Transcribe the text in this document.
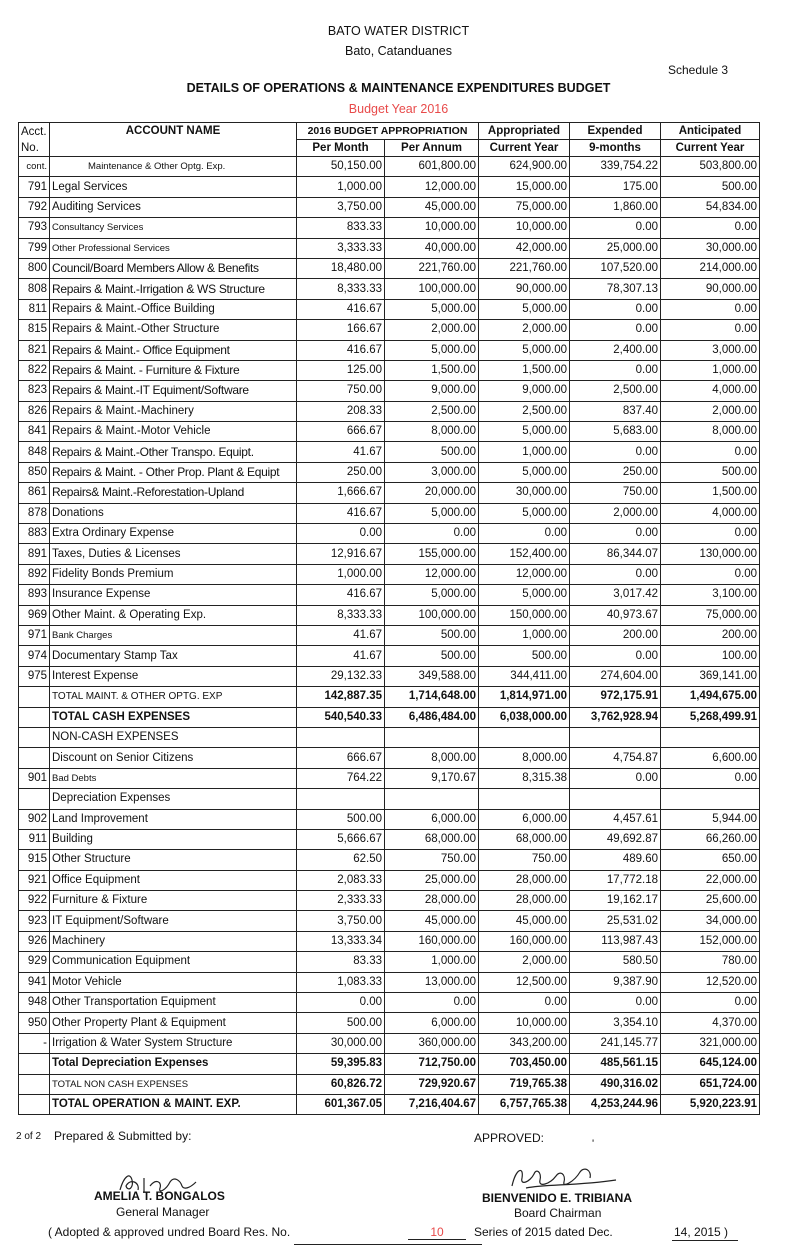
BATO WATER DISTRICT
Bato, Catanduanes
Schedule 3
DETAILS OF OPERATIONS & MAINTENANCE EXPENDITURES BUDGET
Budget Year 2016
Acct.
No.	ACCOUNT NAME	2016 BUDGET APPROPRIATION		Appropriated	Expended	Anticipated
		Per Month	Per Annum	Current Year	9-months	Current Year
cont.	Maintenance & Other Optg. Exp.	50,150.00	601,800.00	624,900.00	339,754.22	503,800.00
791	Legal Services	1,000.00	12,000.00	15,000.00	175.00	500.00
792	Auditing Services	3,750.00	45,000.00	75,000.00	1,860.00	54,834.00
793	Consultancy Services	833.33	10,000.00	10,000.00	0.00	0.00
799	Other Professional Services	3,333.33	40,000.00	42,000.00	25,000.00	30,000.00
800	Council/Board Members Allow & Benefits	18,480.00	221,760.00	221,760.00	107,520.00	214,000.00
808	Repairs & Maint.-Irrigation & WS Structure	8,333.33	100,000.00	90,000.00	78,307.13	90,000.00
811	Repairs & Maint.-Office Building	416.67	5,000.00	5,000.00	0.00	0.00
815	Repairs & Maint.-Other Structure	166.67	2,000.00	2,000.00	0.00	0.00
821	Repairs & Maint.- Office Equipment	416.67	5,000.00	5,000.00	2,400.00	3,000.00
822	Repairs & Maint. - Furniture & Fixture	125.00	1,500.00	1,500.00	0.00	1,000.00
823	Repairs & Maint.-IT Equiment/Software	750.00	9,000.00	9,000.00	2,500.00	4,000.00
826	Repairs & Maint.-Machinery	208.33	2,500.00	2,500.00	837.40	2,000.00
841	Repairs & Maint.-Motor Vehicle	666.67	8,000.00	5,000.00	5,683.00	8,000.00
848	Repairs & Maint.-Other Transpo. Equipt.	41.67	500.00	1,000.00	0.00	0.00
850	Repairs & Maint. - Other Prop. Plant & Equipt	250.00	3,000.00	5,000.00	250.00	500.00
861	Repairs& Maint.-Reforestation-Upland	1,666.67	20,000.00	30,000.00	750.00	1,500.00
878	Donations	416.67	5,000.00	5,000.00	2,000.00	4,000.00
883	Extra Ordinary Expense	0.00	0.00	0.00	0.00	0.00
891	Taxes, Duties & Licenses	12,916.67	155,000.00	152,400.00	86,344.07	130,000.00
892	Fidelity Bonds Premium	1,000.00	12,000.00	12,000.00	0.00	0.00
893	Insurance Expense	416.67	5,000.00	5,000.00	3,017.42	3,100.00
969	Other Maint. & Operating Exp.	8,333.33	100,000.00	150,000.00	40,973.67	75,000.00
971	Bank Charges	41.67	500.00	1,000.00	200.00	200.00
974	Documentary Stamp Tax	41.67	500.00	500.00	0.00	100.00
975	Interest Expense	29,132.33	349,588.00	344,411.00	274,604.00	369,141.00
	TOTAL MAINT. & OTHER OPTG. EXP	142,887.35	1,714,648.00	1,814,971.00	972,175.91	1,494,675.00
	TOTAL CASH EXPENSES	540,540.33	6,486,484.00	6,038,000.00	3,762,928.94	5,268,499.91
	NON-CASH EXPENSES					
	Discount on Senior Citizens	666.67	8,000.00	8,000.00	4,754.87	6,600.00
901	Bad Debts	764.22	9,170.67	8,315.38	0.00	0.00
	Depreciation Expenses					
902	Land Improvement	500.00	6,000.00	6,000.00	4,457.61	5,944.00
911	Building	5,666.67	68,000.00	68,000.00	49,692.87	66,260.00
915	Other Structure	62.50	750.00	750.00	489.60	650.00
921	Office Equipment	2,083.33	25,000.00	28,000.00	17,772.18	22,000.00
922	Furniture & Fixture	2,333.33	28,000.00	28,000.00	19,162.17	25,600.00
923	IT Equipment/Software	3,750.00	45,000.00	45,000.00	25,531.02	34,000.00
926	Machinery	13,333.34	160,000.00	160,000.00	113,987.43	152,000.00
929	Communication Equipment	83.33	1,000.00	2,000.00	580.50	780.00
941	Motor Vehicle	1,083.33	13,000.00	12,500.00	9,387.90	12,520.00
948	Other Transportation Equipment	0.00	0.00	0.00	0.00	0.00
950	Other Property Plant & Equipment	500.00	6,000.00	10,000.00	3,354.10	4,370.00
-	Irrigation & Water System Structure	30,000.00	360,000.00	343,200.00	241,145.77	321,000.00
	Total Depreciation Expenses	59,395.83	712,750.00	703,450.00	485,561.15	645,124.00
	TOTAL NON CASH EXPENSES	60,826.72	729,920.67	719,765.38	490,316.02	651,724.00
	TOTAL OPERATION & MAINT. EXP.	601,367.05	7,216,404.67	6,757,765.38	4,253,244.96	5,920,223.91
2 of 2 Prepared & Submitted by:	APPROVED:	'
AMELIA T. BONGALOS
General Manager
BIENVENIDO E. TRIBIANA
Board Chairman
( Adopted & approved undred Board Res. No.	10	Series of 2015 dated Dec.	14, 2015 )
